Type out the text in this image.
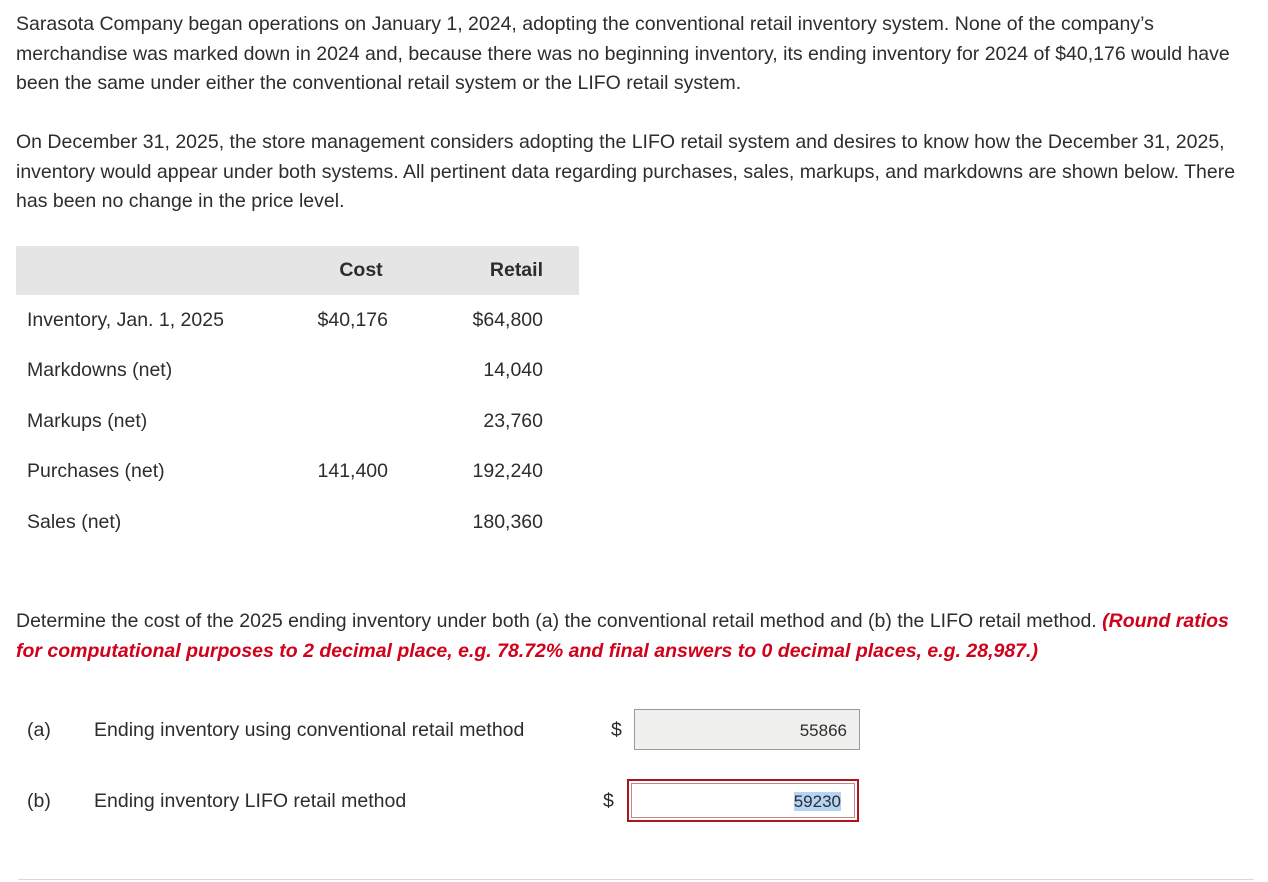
Sarasota Company began operations on January 1, 2024, adopting the conventional retail inventory system. None of the company’s merchandise was marked down in 2024 and, because there was no beginning inventory, its ending inventory for 2024 of $40,176 would have been the same under either the conventional retail system or the LIFO retail system.

On December 31, 2025, the store management considers adopting the LIFO retail system and desires to know how the December 31, 2025, inventory would appear under both systems. All pertinent data regarding purchases, sales, markups, and markdowns are shown below. There has been no change in the price level.

	Cost	Retail
Inventory, Jan. 1, 2025	$40,176	$64,800
Markdowns (net)		14,040
Markups (net)		23,760
Purchases (net)	141,400	192,240
Sales (net)		180,360

Determine the cost of the 2025 ending inventory under both (a) the conventional retail method and (b) the LIFO retail method. (Round ratios for computational purposes to 2 decimal place, e.g. 78.72% and final answers to 0 decimal places, e.g. 28,987.)

(a) Ending inventory using conventional retail method	$	55866
(b) Ending inventory LIFO retail method	$	59230
